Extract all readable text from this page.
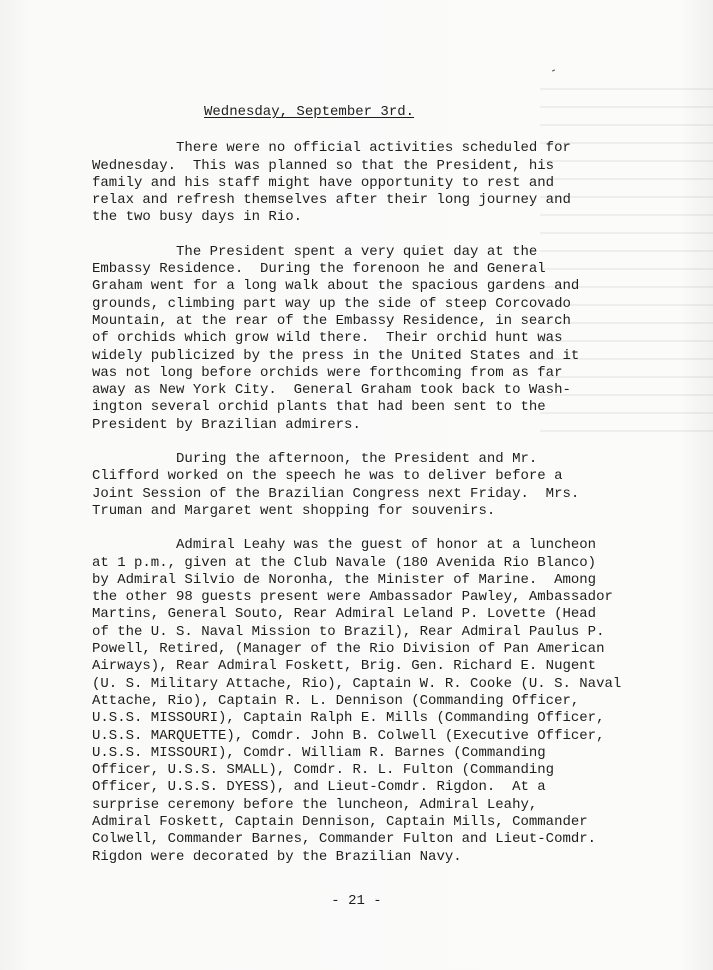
Wednesday, September 3rd.
There were no official activities scheduled for
Wednesday.  This was planned so that the President, his
family and his staff might have opportunity to rest and
relax and refresh themselves after their long journey and
the two busy days in Rio.
The President spent a very quiet day at the
Embassy Residence.  During the forenoon he and General
Graham went for a long walk about the spacious gardens and
grounds, climbing part way up the side of steep Corcovado
Mountain, at the rear of the Embassy Residence, in search
of orchids which grow wild there.  Their orchid hunt was
widely publicized by the press in the United States and it
was not long before orchids were forthcoming from as far
away as New York City.  General Graham took back to Wash-
ington several orchid plants that had been sent to the
President by Brazilian admirers.
During the afternoon, the President and Mr.
Clifford worked on the speech he was to deliver before a
Joint Session of the Brazilian Congress next Friday.  Mrs.
Truman and Margaret went shopping for souvenirs.
Admiral Leahy was the guest of honor at a luncheon
at 1 p.m., given at the Club Navale (180 Avenida Rio Blanco)
by Admiral Silvio de Noronha, the Minister of Marine.  Among
the other 98 guests present were Ambassador Pawley, Ambassador
Martins, General Souto, Rear Admiral Leland P. Lovette (Head
of the U. S. Naval Mission to Brazil), Rear Admiral Paulus P.
Powell, Retired, (Manager of the Rio Division of Pan American
Airways), Rear Admiral Foskett, Brig. Gen. Richard E. Nugent
(U. S. Military Attache, Rio), Captain W. R. Cooke (U. S. Naval
Attache, Rio), Captain R. L. Dennison (Commanding Officer,
U.S.S. MISSOURI), Captain Ralph E. Mills (Commanding Officer,
U.S.S. MARQUETTE), Comdr. John B. Colwell (Executive Officer,
U.S.S. MISSOURI), Comdr. William R. Barnes (Commanding
Officer, U.S.S. SMALL), Comdr. R. L. Fulton (Commanding
Officer, U.S.S. DYESS), and Lieut-Comdr. Rigdon.  At a
surprise ceremony before the luncheon, Admiral Leahy,
Admiral Foskett, Captain Dennison, Captain Mills, Commander
Colwell, Commander Barnes, Commander Fulton and Lieut-Comdr.
Rigdon were decorated by the Brazilian Navy.
- 21 -
